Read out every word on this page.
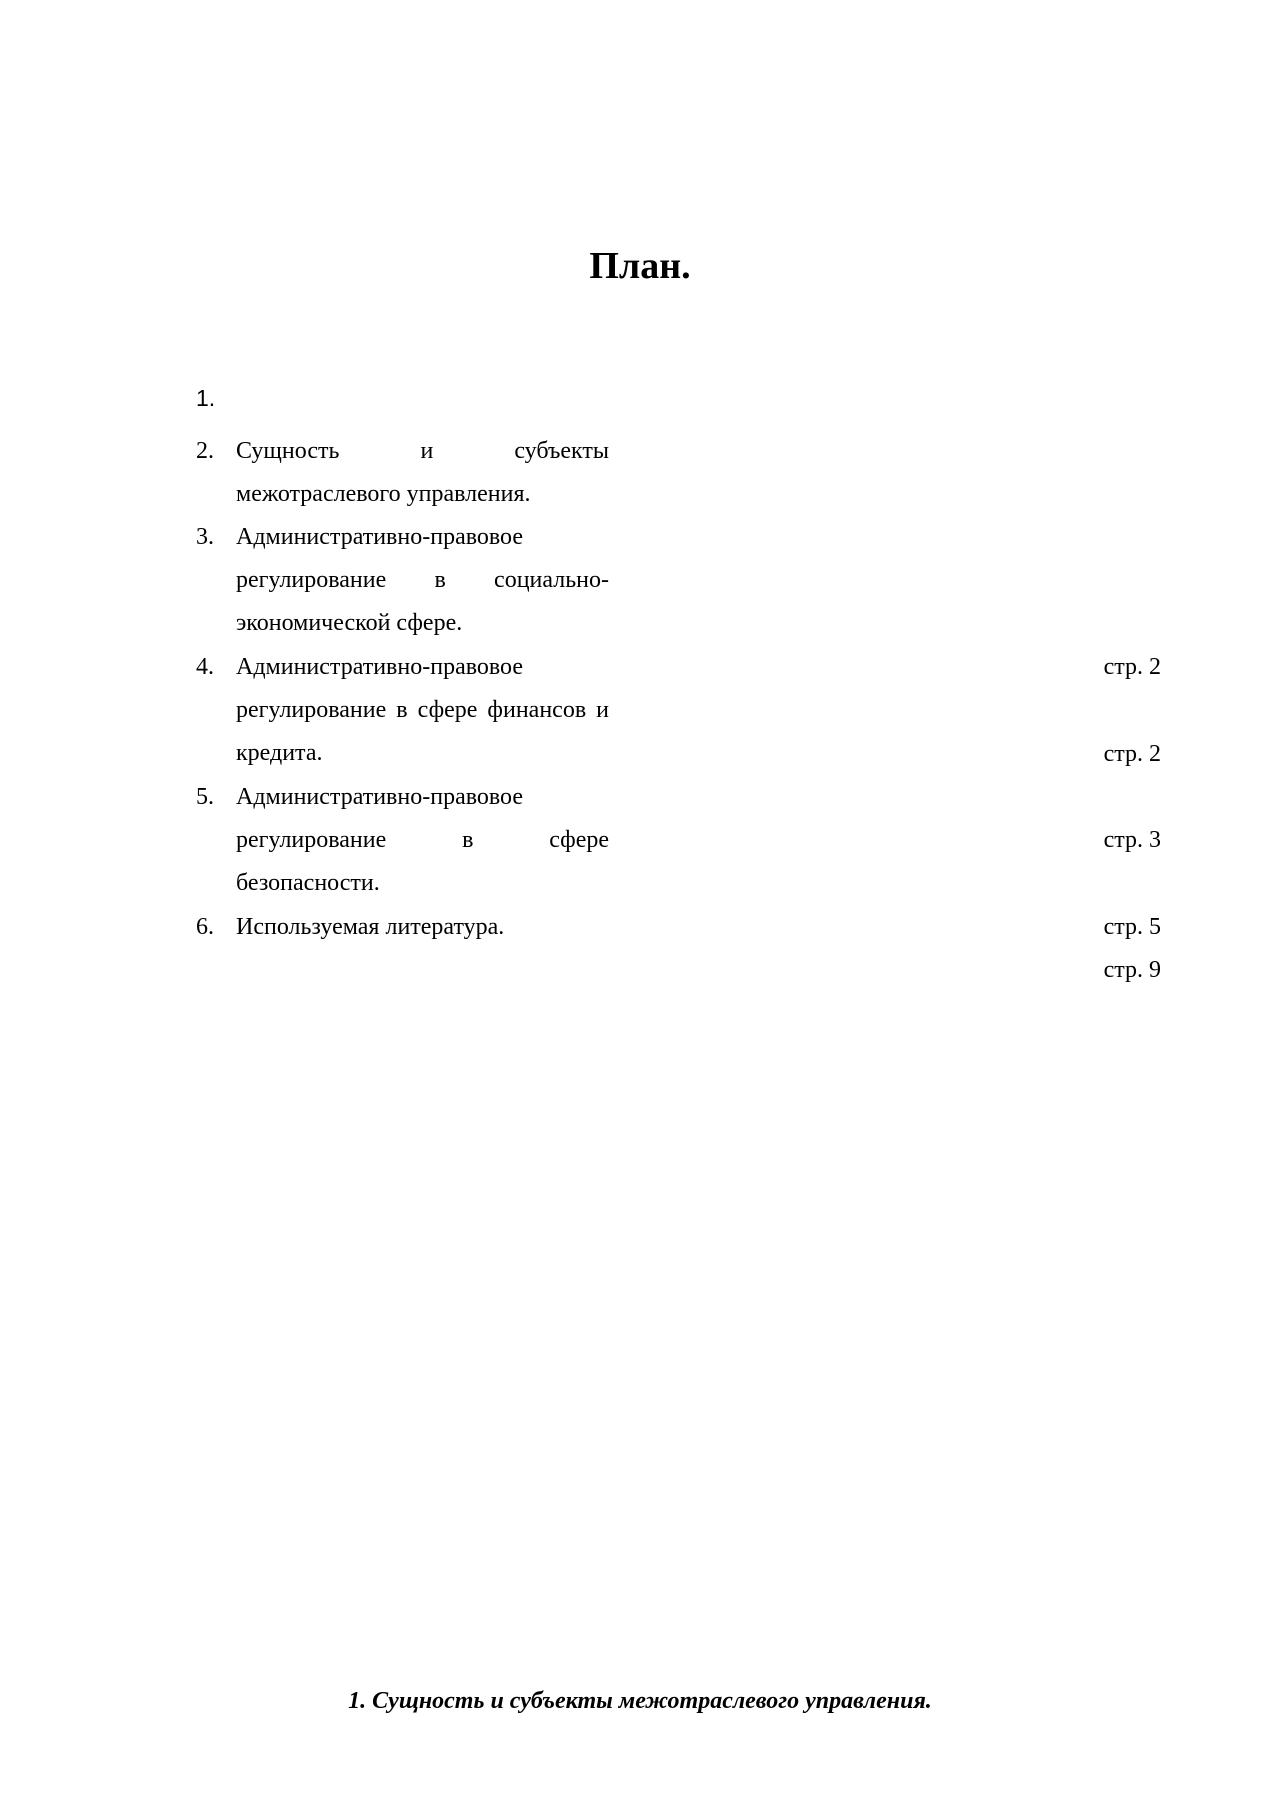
План.
1.
2. Сущность и субъекты межотраслевого управления.
3. Административно-правовое регулирование в социально-экономической сфере.
4. Административно-правовое регулирование в сфере финансов и кредита.
5. Административно-правовое регулирование в сфере безопасности.
6. Используемая литература.
стр. 2
стр. 2
стр. 3
стр. 5
стр. 9
1. Сущность и субъекты межотраслевого управления.
